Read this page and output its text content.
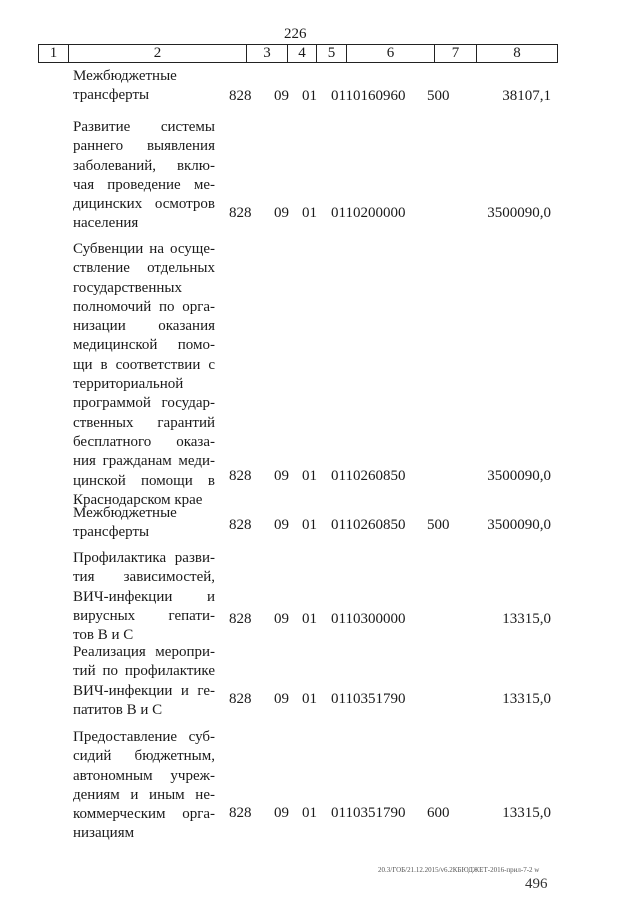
226
1	2	3	4	5	6	7	8
Межбюджетные
трансферты	828 09 01 0110160960 500	38107,1
Развитие системы
раннего выявления
заболеваний, вклю-
чая проведение ме-
дицинских осмотров
населения
828 09 01 0110200000	3500090,0
Субвенции на осуще-
ствление отдельных
государственных
полномочий по орга-
низации оказания
медицинской помо-
щи в соответствии с
территориальной
программой государ-
ственных гарантий
бесплатного оказа-
ния гражданам меди-
цинской помощи в
Краснодарском крае
828 09 01 0110260850	3500090,0
Межбюджетные
трансферты	828 09 01 0110260850 500	3500090,0
Профилактика разви-
тия зависимостей,
ВИЧ-инфекции и
вирусных гепати-
тов В и С
828 09 01 0110300000	13315,0
Реализация меропри-
тий по профилактике
ВИЧ-инфекции и ге-
патитов В и С
828 09 01 0110351790	13315,0
Предоставление суб-
сидий бюджетным,
автономным учреж-
дениям и иным не-
коммерческим орга-
низациям
828 09 01 0110351790 600	13315,0
20.3/ГОБ/21.12.2015/v6.2КБЮДЖЕТ-2016-прил-7-2 w
496
